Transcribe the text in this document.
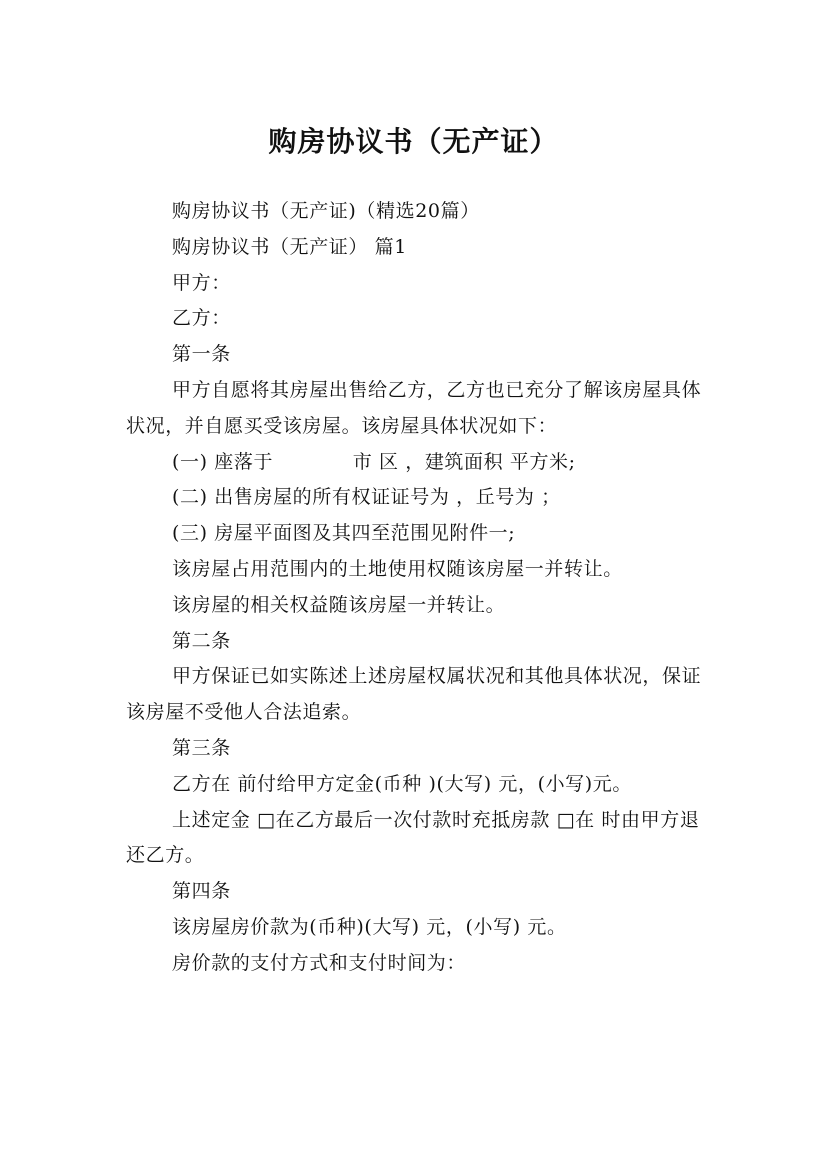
购房协议书（无产证）

购房协议书（无产证)（精选20篇）

购房协议书（无产证） 篇1

甲方：

乙方：

第一条

甲方自愿将其房屋出售给乙方，乙方也已充分了解该房屋具体状况，并自愿买受该房屋。该房屋具体状况如下：

(一) 座落于            市 区 ，建筑面积 平方米;

(二) 出售房屋的所有权证证号为 ，丘号为 ；

(三) 房屋平面图及其四至范围见附件一;

该房屋占用范围内的土地使用权随该房屋一并转让。

该房屋的相关权益随该房屋一并转让。

第二条

甲方保证已如实陈述上述房屋权属状况和其他具体状况，保证该房屋不受他人合法追索。

第三条

乙方在 前付给甲方定金(币种 )(大写) 元，(小写)元。

上述定金 □在乙方最后一次付款时充抵房款 □在 时由甲方退还乙方。

第四条

该房屋房价款为(币种)(大写) 元，(小写) 元。

房价款的支付方式和支付时间为：
